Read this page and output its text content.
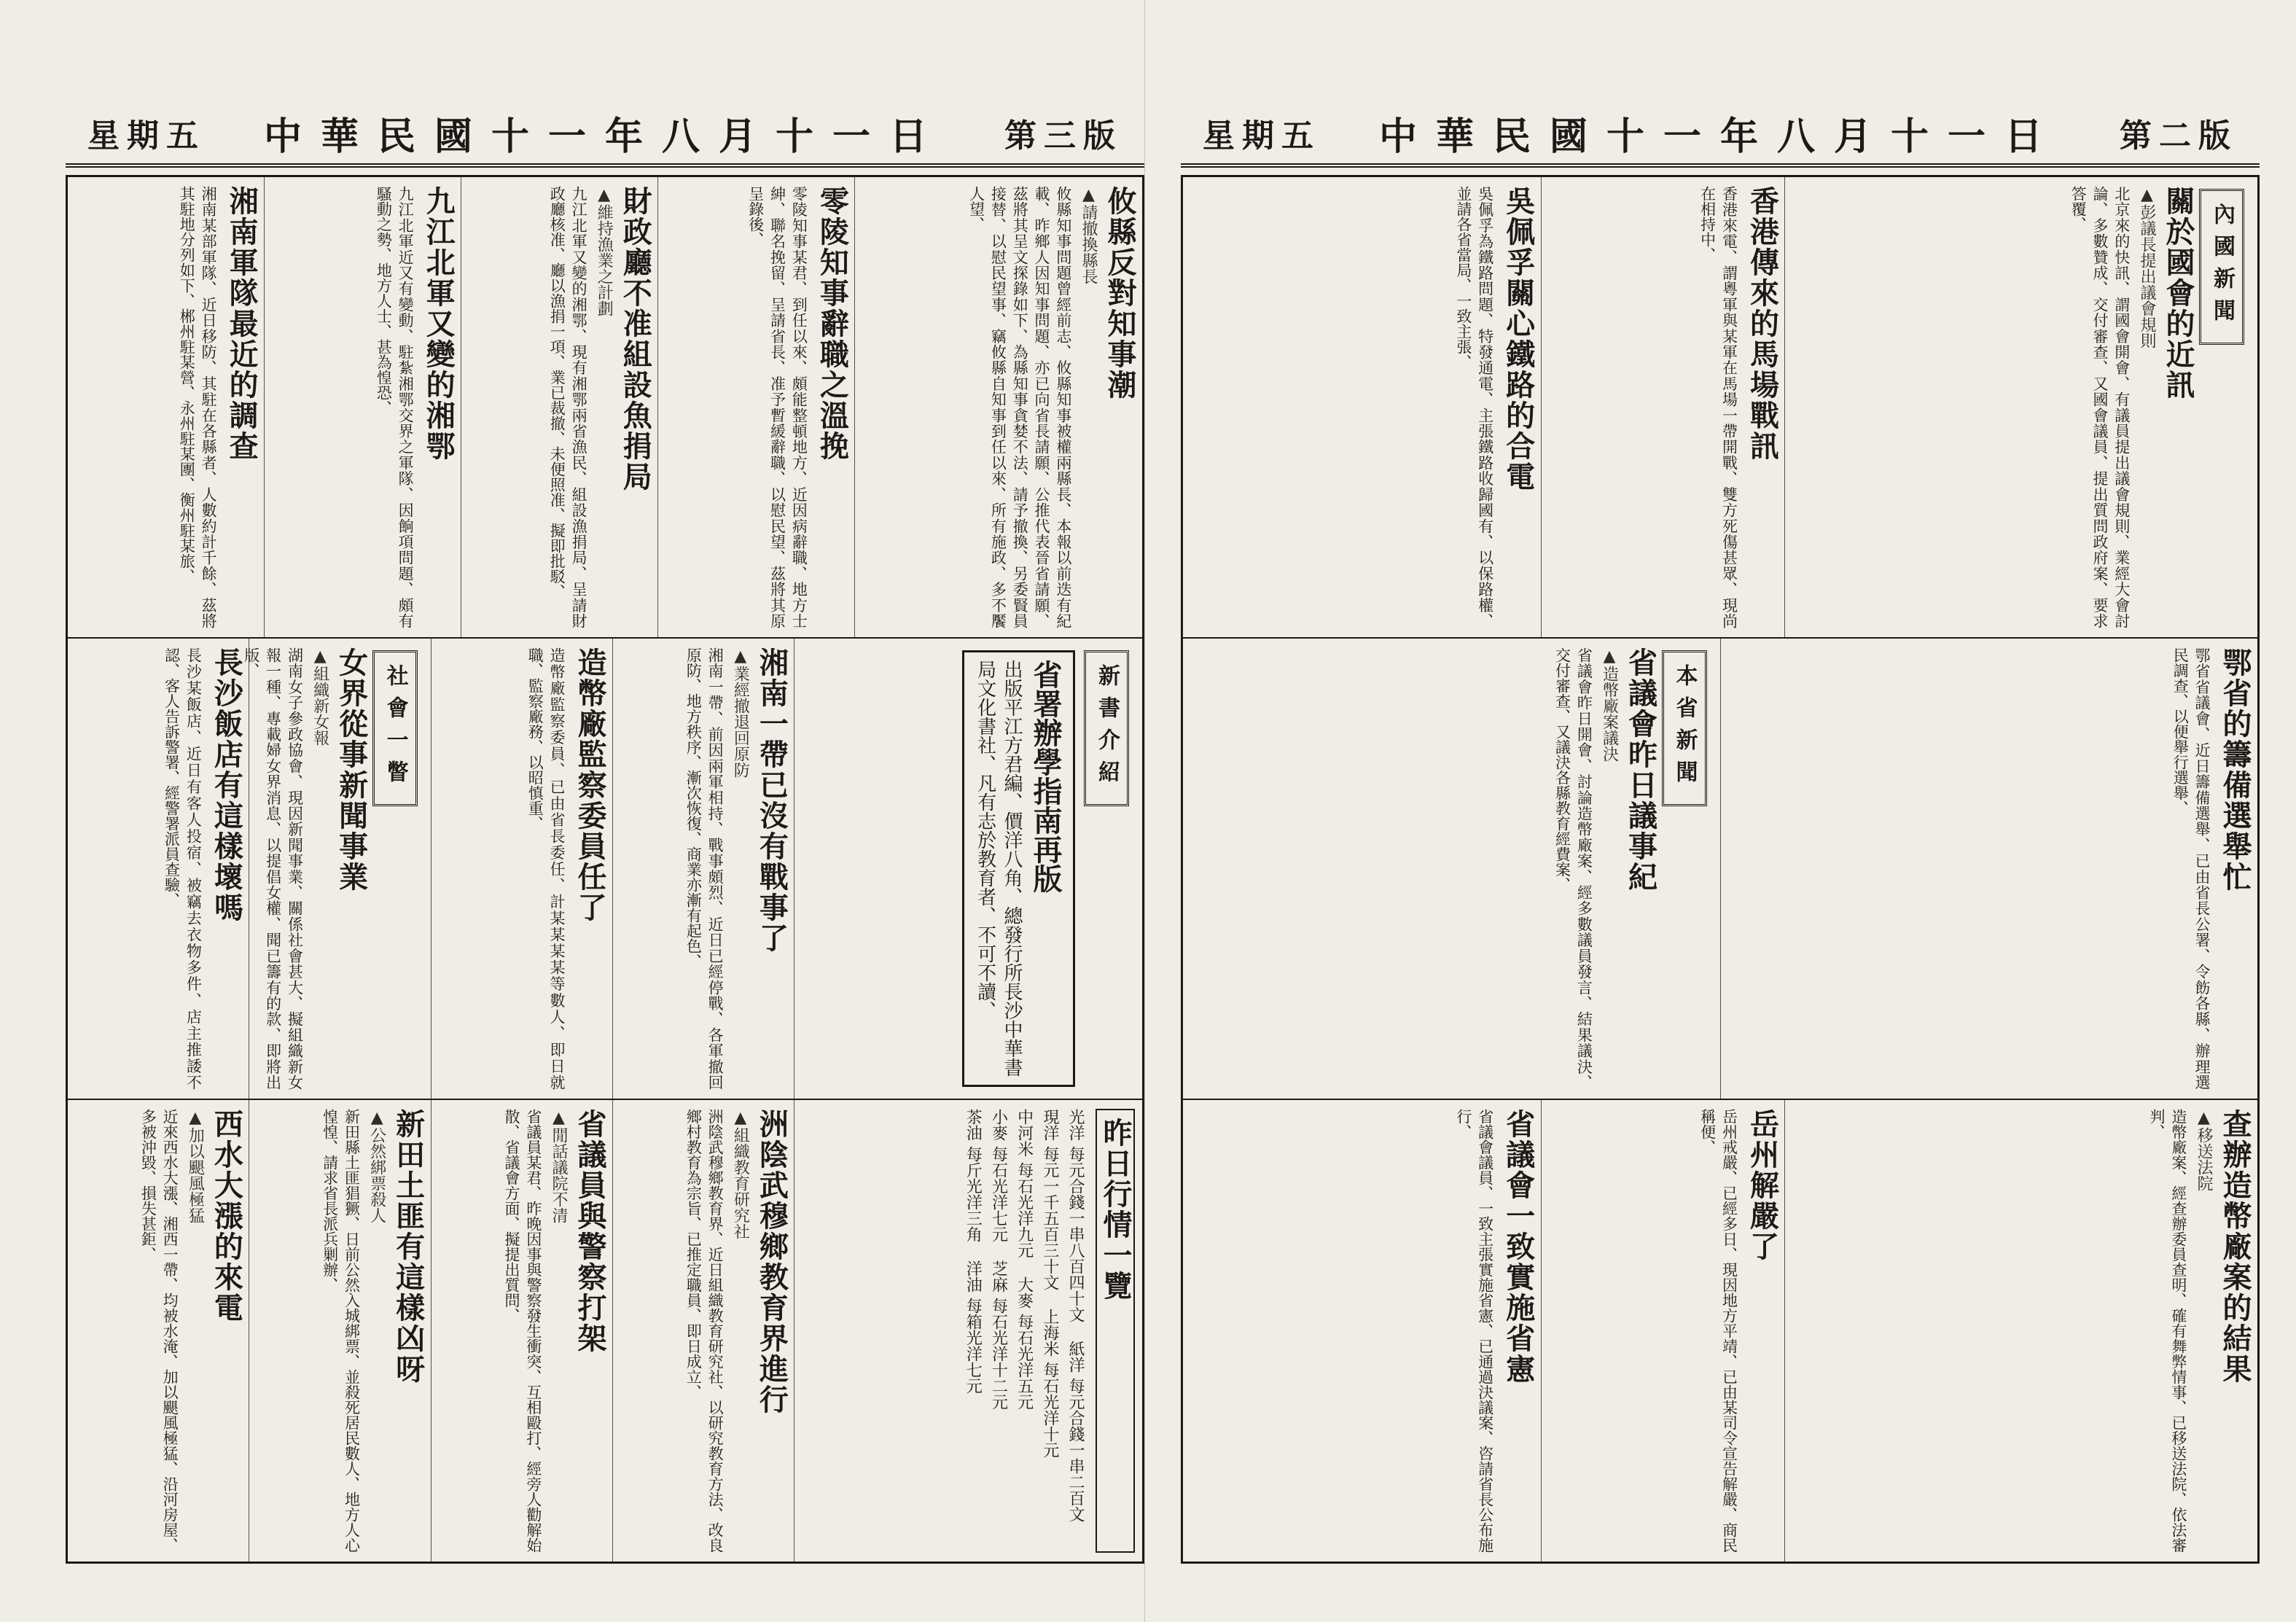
星期五 中華民國十一年八月十一日 第三版
攸縣反對知事潮
▲請撤換縣長
攸縣知事問題曾經前志、攸縣知事被權兩縣長、本報以前迭有紀載、昨鄉人因知事問題、亦已向省長請願、公推代表晉省請願、茲將其呈文探錄如下、為縣知事貪婪不法、請予撤換、另委賢員接替、以慰民望事、竊攸縣自知事到任以來、所有施政、多不饜人望、
零陵知事辭職之溫挽
零陵知事某君、到任以來、頗能整頓地方、近因病辭職、地方士紳、聯名挽留、呈請省長、准予暫緩辭職、以慰民望、茲將其原呈錄後、
財政廳不准組設魚捐局
▲維持漁業之計劃
九江北軍又變的湘鄂、現有湘鄂兩省漁民、組設漁捐局、呈請財政廳核准、廳以漁捐一項、業已裁撤、未便照准、擬即批駁、
九江北軍又變的湘鄂
九江北軍近又有變動、駐紮湘鄂交界之軍隊、因餉項問題、頗有騷動之勢、地方人士、甚為惶恐、
湘南軍隊最近的調查
湘南某部軍隊、近日移防、其駐在各縣者、人數約計千餘、茲將其駐地分列如下、郴州駐某營、永州駐某團、衡州駐某旅、
新書介紹
省署辦學指南再版
出版平江方君編、價洋八角、總發行所長沙中華書局文化書社、凡有志於教育者、不可不讀、
湘南一帶已沒有戰事了
▲業經撤退回原防
湘南一帶、前因兩軍相持、戰事頗烈、近日已經停戰、各軍撤回原防、地方秩序、漸次恢復、商業亦漸有起色、
造幣廠監察委員任了
造幣廠監察委員、已由省長委任、計某某某某等數人、即日就職、監察廠務、以昭慎重、
社會一瞥
女界從事新聞事業
▲組織新女報
湖南女子參政協會、現因新聞事業、關係社會甚大、擬組織新女報一種、專載婦女界消息、以提倡女權、聞已籌有的款、即將出版、
長沙飯店有這樣壞嗎
長沙某飯店、近日有客人投宿、被竊去衣物多件、店主推諉不認、客人告訴警署、經警署派員查驗、
昨日行情一覽
光洋 每元合錢一串八百四十文 紙洋 每元合錢一串二百文 現洋 每元一千五百三十文 上海米 每石光洋十元 中河米 每石光洋九元 大麥 每石光洋五元 小麥 每石光洋七元 芝麻 每石光洋十二元 茶油 每斤光洋三角 洋油 每箱光洋七元
洲陰武穆鄉教育界進行
▲組織教育研究社
洲陰武穆鄉教育界、近日組織教育研究社、以研究教育方法、改良鄉村教育為宗旨、已推定職員、即日成立、
省議員與警察打架
▲閒話議院不清
省議員某君、昨晚因事與警察發生衝突、互相毆打、經旁人勸解始散、省議會方面、擬提出質問、
新田土匪有這樣凶呀
▲公然綁票殺人
新田縣土匪猖獗、日前公然入城綁票、並殺死居民數人、地方人心惶惶、請求省長派兵剿辦、
西水大漲的來電
▲加以颶風極猛
近來西水大漲、湘西一帶、均被水淹、加以颶風極猛、沿河房屋、多被沖毀、損失甚鉅、
星期五 中華民國十一年八月十一日 第二版
內國新聞
關於國會的近訊
▲彭議長提出議會規則
北京來的快訊、謂國會開會、有議員提出議會規則、業經大會討論、多數贊成、交付審查、又國會議員、提出質問政府案、要求答覆、
香港傳來的馬場戰訊
香港來電、謂粵軍與某軍在馬場一帶開戰、雙方死傷甚眾、現尚在相持中、
吳佩孚關心鐵路的合電
吳佩孚為鐵路問題、特發通電、主張鐵路收歸國有、以保路權、並請各省當局、一致主張、
鄂省的籌備選舉忙
鄂省省議會、近日籌備選舉、已由省長公署、令飭各縣、辦理選民調查、以便舉行選舉、
本省新聞
省議會昨日議事紀
▲造幣廠案議決
省議會昨日開會、討論造幣廠案、經多數議員發言、結果議決、交付審查、又議決各縣教育經費案、
查辦造幣廠案的結果
▲移送法院
造幣廠案、經查辦委員查明、確有舞弊情事、已移送法院、依法審判、
岳州解嚴了
岳州戒嚴、已經多日、現因地方平靖、已由某司令宣告解嚴、商民稱便、
省議會一致實施省憲
省議會議員、一致主張實施省憲、已通過決議案、咨請省長公布施行、
